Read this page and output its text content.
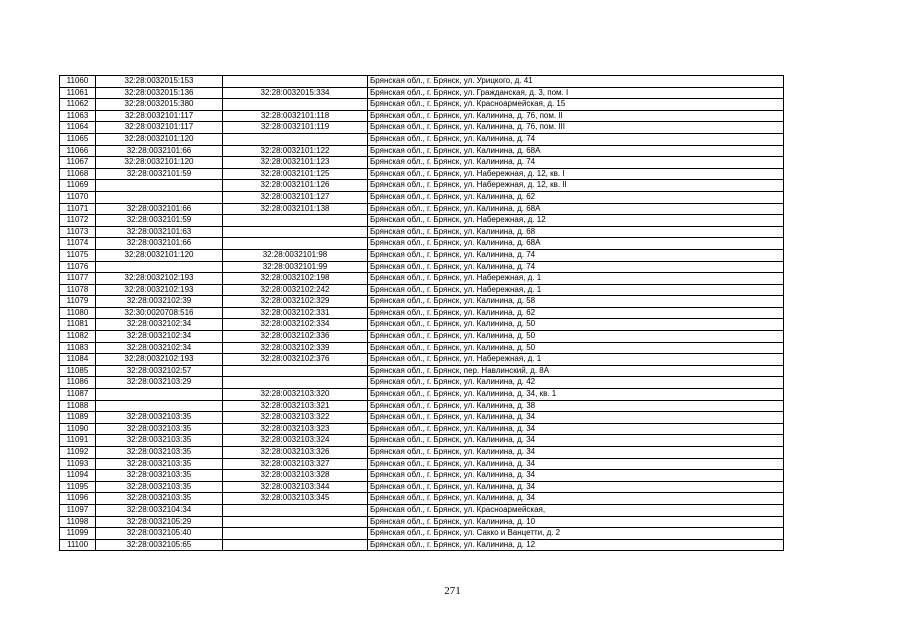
11060	32:28:0032015:153		Брянская обл., г. Брянск, ул. Урицкого, д. 41
11061	32:28:0032015:136	32:28:0032015:334	Брянская обл., г. Брянск, ул. Гражданская, д. 3, пом. I
11062	32:28:0032015:380		Брянская обл., г. Брянск, ул. Красноармейская, д. 15
11063	32:28:0032101:117	32:28:0032101:118	Брянская обл., г. Брянск, ул. Калинина, д. 76, пом. II
11064	32:28:0032101:117	32:28:0032101:119	Брянская обл., г. Брянск, ул. Калинина, д. 76, пом. III
11065	32:28:0032101:120		Брянская обл., г. Брянск, ул. Калинина, д. 74
11066	32:28:0032101:66	32:28:0032101:122	Брянская обл., г. Брянск, ул. Калинина, д. 68А
11067	32:28:0032101:120	32:28:0032101:123	Брянская обл., г. Брянск, ул. Калинина, д. 74
11068	32:28:0032101:59	32:28:0032101:125	Брянская обл., г. Брянск, ул. Набережная, д. 12, кв. I
11069		32:28:0032101:126	Брянская обл., г. Брянск, ул. Набережная, д. 12, кв. II
11070		32:28:0032101:127	Брянская обл., г. Брянск, ул. Калинина, д. 62
11071	32:28:0032101:66	32:28:0032101:138	Брянская обл., г. Брянск, ул. Калинина, д. 68А
11072	32:28:0032101:59		Брянская обл., г. Брянск, ул. Набережная, д. 12
11073	32:28:0032101:63		Брянская обл., г. Брянск, ул. Калинина, д. 68
11074	32:28:0032101:66		Брянская обл., г. Брянск, ул. Калинина, д. 68А
11075	32:28:0032101:120	32:28:0032101:98	Брянская обл., г. Брянск, ул. Калинина, д. 74
11076		32:28:0032101:99	Брянская обл., г. Брянск, ул. Калинина, д. 74
11077	32:28:0032102:193	32:28:0032102:198	Брянская обл., г. Брянск, ул. Набережная, д. 1
11078	32:28:0032102:193	32:28:0032102:242	Брянская обл., г. Брянск, ул. Набережная, д. 1
11079	32:28:0032102:39	32:28:0032102:329	Брянская обл., г. Брянск, ул. Калинина, д. 58
11080	32:30:0020708:516	32:28:0032102:331	Брянская обл., г. Брянск, ул. Калинина, д. 62
11081	32:28:0032102:34	32:28:0032102:334	Брянская обл., г. Брянск, ул. Калинина, д. 50
11082	32:28:0032102:34	32:28:0032102:336	Брянская обл., г. Брянск, ул. Калинина, д. 50
11083	32:28:0032102:34	32:28:0032102:339	Брянская обл., г. Брянск, ул. Калинина, д. 50
11084	32:28:0032102:193	32:28:0032102:376	Брянская обл., г. Брянск, ул. Набережная, д. 1
11085	32:28:0032102:57		Брянская обл., г. Брянск, пер. Навлинский, д. 8А
11086	32:28:0032103:29		Брянская обл., г. Брянск, ул. Калинина, д. 42
11087		32:28:0032103:320	Брянская обл., г. Брянск, ул. Калинина, д. 34, кв. 1
11088		32:28:0032103:321	Брянская обл., г. Брянск, ул. Калинина, д. 38
11089	32:28:0032103:35	32:28:0032103:322	Брянская обл., г. Брянск, ул. Калинина, д. 34
11090	32:28:0032103:35	32:28:0032103:323	Брянская обл., г. Брянск, ул. Калинина, д. 34
11091	32:28:0032103:35	32:28:0032103:324	Брянская обл., г. Брянск, ул. Калинина, д. 34
11092	32:28:0032103:35	32:28:0032103:326	Брянская обл., г. Брянск, ул. Калинина, д. 34
11093	32:28:0032103:35	32:28:0032103:327	Брянская обл., г. Брянск, ул. Калинина, д. 34
11094	32:28:0032103:35	32:28:0032103:328	Брянская обл., г. Брянск, ул. Калинина, д. 34
11095	32:28:0032103:35	32:28:0032103:344	Брянская обл., г. Брянск, ул. Калинина, д. 34
11096	32:28:0032103:35	32:28:0032103:345	Брянская обл., г. Брянск, ул. Калинина, д. 34
11097	32:28:0032104:34		Брянская обл., г. Брянск, ул. Красноармейская,
11098	32:28:0032105:29		Брянская обл., г. Брянск, ул. Калинина, д. 10
11099	32:28:0032105:40		Брянская обл., г. Брянск, ул. Сакко и Ванцетти, д. 2
11100	32:28:0032105:65		Брянская обл., г. Брянск, ул. Калинина, д. 12
271
